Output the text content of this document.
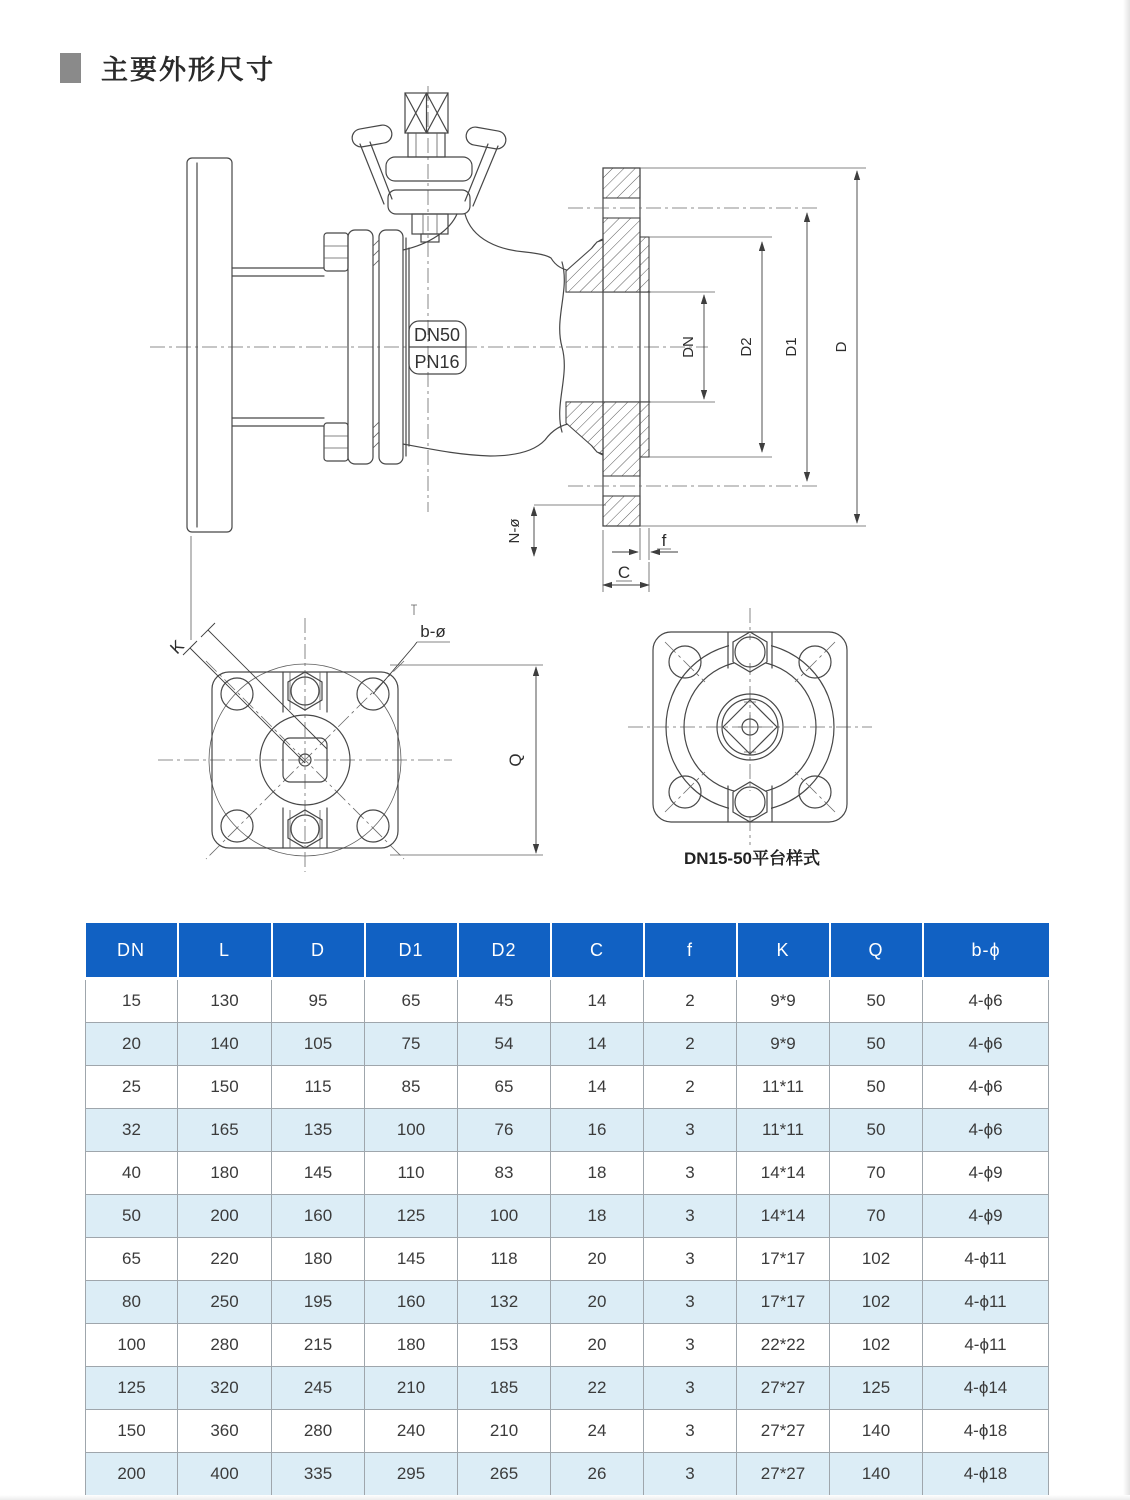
主要外形尺寸
DN50
PN16
D
D1
D2
DN
N-ø	f
C
K
b-ø
Q
DN15-50平台样式
DN	L	D	D1	D2	C	f	K	Q	b-ϕ
15	130	95	65	45	14	2	9*9	50	4-ϕ6
20	140	105	75	54	14	2	9*9	50	4-ϕ6
25	150	115	85	65	14	2	11*11	50	4-ϕ6
32	165	135	100	76	16	3	11*11	50	4-ϕ6
40	180	145	110	83	18	3	14*14	70	4-ϕ9
50	200	160	125	100	18	3	14*14	70	4-ϕ9
65	220	180	145	118	20	3	17*17	102	4-ϕ11
80	250	195	160	132	20	3	17*17	102	4-ϕ11
100	280	215	180	153	20	3	22*22	102	4-ϕ11
125	320	245	210	185	22	3	27*27	125	4-ϕ14
150	360	280	240	210	24	3	27*27	140	4-ϕ18
200	400	335	295	265	26	3	27*27	140	4-ϕ18
